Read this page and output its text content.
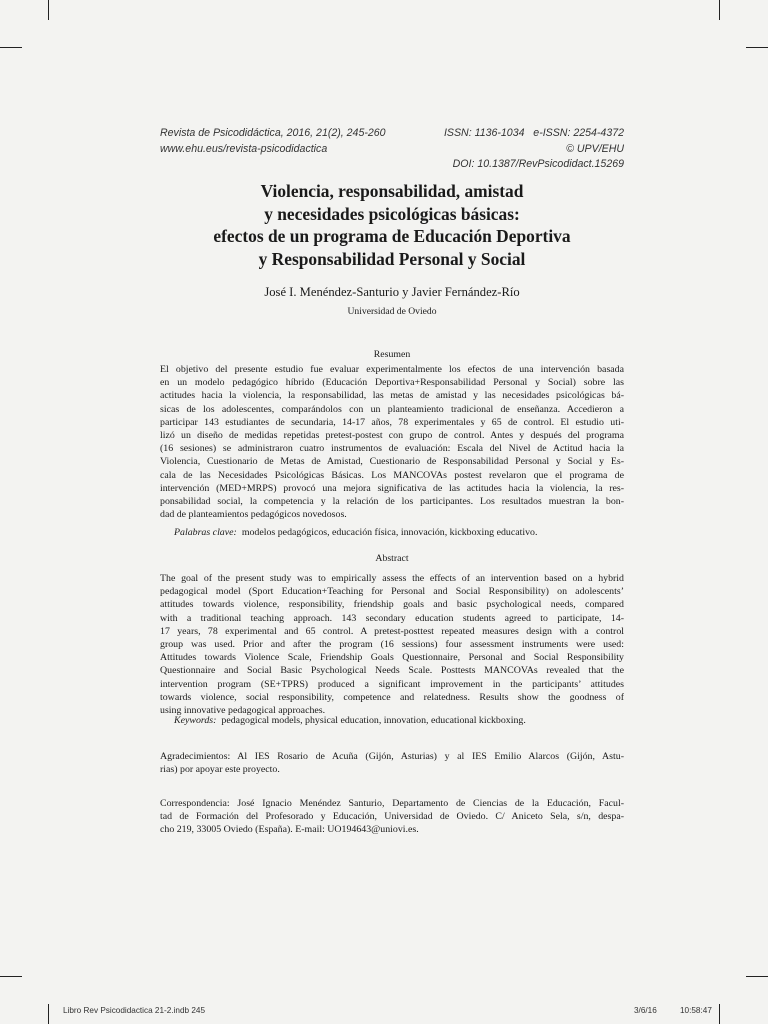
Revista de Psicodidáctica, 2016, 21(2), 245-260	ISSN: 1136-1034   e-ISSN: 2254-4372
www.ehu.eus/revista-psicodidactica	© UPV/EHU
DOI: 10.1387/RevPsicodidact.15269
Violencia, responsabilidad, amistad
y necesidades psicológicas básicas:
efectos de un programa de Educación Deportiva
y Responsabilidad Personal y Social
José I. Menéndez-Santurio y Javier Fernández-Río
Universidad de Oviedo
Resumen
El objetivo del presente estudio fue evaluar experimentalmente los efectos de una intervención basada
en un modelo pedagógico híbrido (Educación Deportiva+Responsabilidad Personal y Social) sobre las
actitudes hacia la violencia, la responsabilidad, las metas de amistad y las necesidades psicológicas bá-
sicas de los adolescentes, comparándolos con un planteamiento tradicional de enseñanza. Accedieron a
participar 143 estudiantes de secundaria, 14-17 años, 78 experimentales y 65 de control. El estudio uti-
lizó un diseño de medidas repetidas pretest-postest con grupo de control. Antes y después del programa
(16 sesiones) se administraron cuatro instrumentos de evaluación: Escala del Nivel de Actitud hacia la
Violencia, Cuestionario de Metas de Amistad, Cuestionario de Responsabilidad Personal y Social y Es-
cala de las Necesidades Psicológicas Básicas. Los MANCOVAs postest revelaron que el programa de
intervención (MED+MRPS) provocó una mejora significativa de las actitudes hacia la violencia, la res-
ponsabilidad social, la competencia y la relación de los participantes. Los resultados muestran la bon-
dad de planteamientos pedagógicos novedosos.
Palabras clave: modelos pedagógicos, educación física, innovación, kickboxing educativo.
Abstract
The goal of the present study was to empirically assess the effects of an intervention based on a hybrid
pedagogical model (Sport Education+Teaching for Personal and Social Responsibility) on adolescents’
attitudes towards violence, responsibility, friendship goals and basic psychological needs, compared
with a traditional teaching approach. 143 secondary education students agreed to participate, 14-
17 years, 78 experimental and 65 control. A pretest-posttest repeated measures design with a control
group was used. Prior and after the program (16 sessions) four assessment instruments were used:
Attitudes towards Violence Scale, Friendship Goals Questionnaire, Personal and Social Responsibility
Questionnaire and Social Basic Psychological Needs Scale. Posttests MANCOVAs revealed that the
intervention program (SE+TPRS) produced a significant improvement in the participants’ attitudes
towards violence, social responsibility, competence and relatedness. Results show the goodness of
using innovative pedagogical approaches.
Keywords: pedagogical models, physical education, innovation, educational kickboxing.
Agradecimientos: Al IES Rosario de Acuña (Gijón, Asturias) y al IES Emilio Alarcos (Gijón, Astu-
rias) por apoyar este proyecto.
Correspondencia: José Ignacio Menéndez Santurio, Departamento de Ciencias de la Educación, Facul-
tad de Formación del Profesorado y Educación, Universidad de Oviedo. C/ Aniceto Sela, s/n, despa-
cho 219, 33005 Oviedo (España). E-mail: UO194643@uniovi.es.
Libro Rev Psicodidactica 21-2.indb 245	3/6/16	10:58:47
